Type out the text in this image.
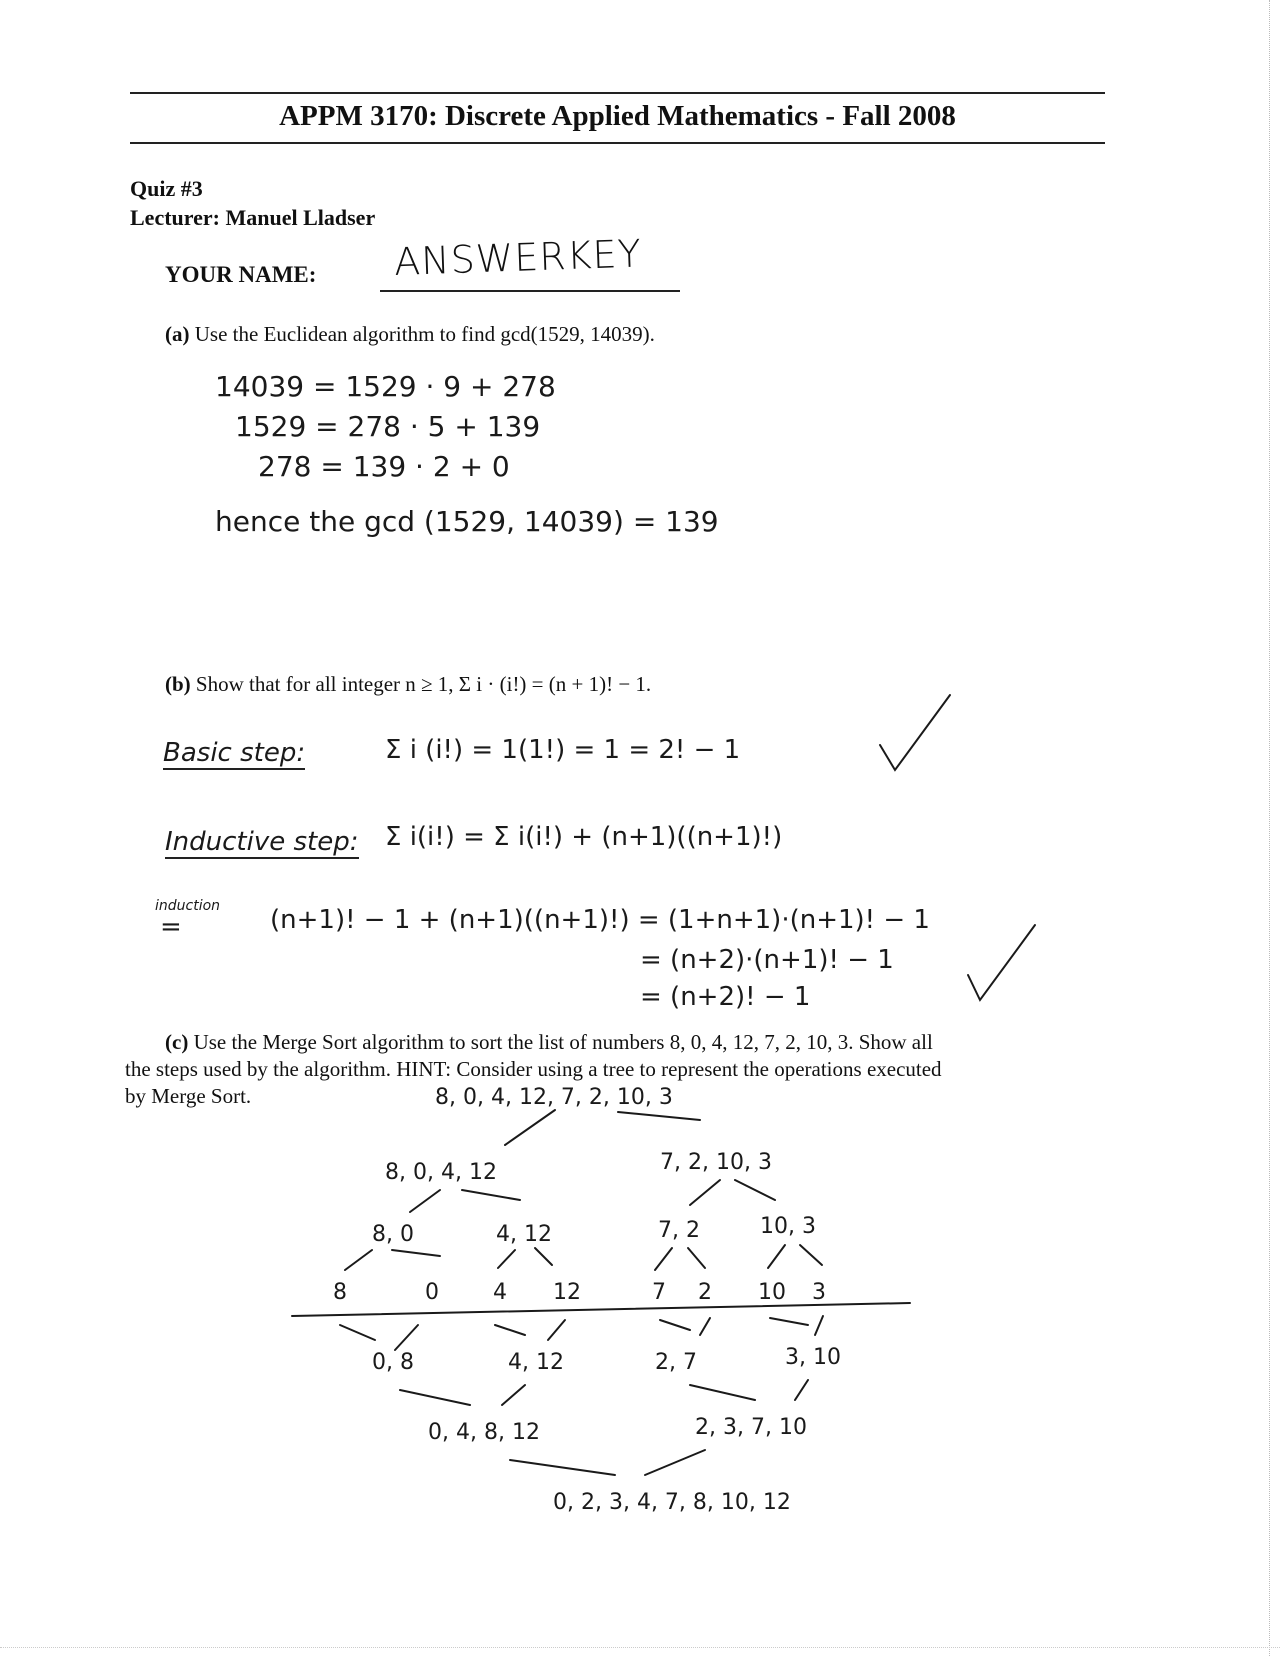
APPM 3170: Discrete Applied Mathematics - Fall 2008
Quiz #3
Lecturer: Manuel Lladser
YOUR NAME: ANSWERKEY
(a) Use the Euclidean algorithm to find gcd(1529, 14039).
14039 = 1529 · 9 + 278
1529 = 278 · 5 + 139
278 = 139 · 2 + 0
hence the gcd (1529, 14039) = 139
(b) Show that for all integer n ≥ 1, Σ i · (i!) = (n + 1)! − 1.
Basic step:	Σ i (i!) = 1(1!) = 1 = 2! − 1
Inductive step: Σ i(i!) = Σ i(i!) + (n+1)((n+1)!)
induction
=	(n+1)! − 1 + (n+1)((n+1)!) = (1+n+1)·(n+1)! − 1
= (n+2)·(n+1)! − 1
= (n+2)! − 1
(c) Use the Merge Sort algorithm to sort the list of numbers 8, 0, 4, 12, 7, 2, 10, 3. Show all
the steps used by the algorithm. HINT: Consider using a tree to represent the operations executed
by Merge Sort.	8, 0, 4, 12, 7, 2, 10, 3
8, 0, 4, 12	7, 2, 10, 3
8, 0	4, 12	7, 2	10, 3
8	0 4 12	7 2 10 3
0, 8	4, 12	2, 7	3, 10
0, 4, 8, 12	2, 3, 7, 10
0, 2, 3, 4, 7, 8, 10, 12
